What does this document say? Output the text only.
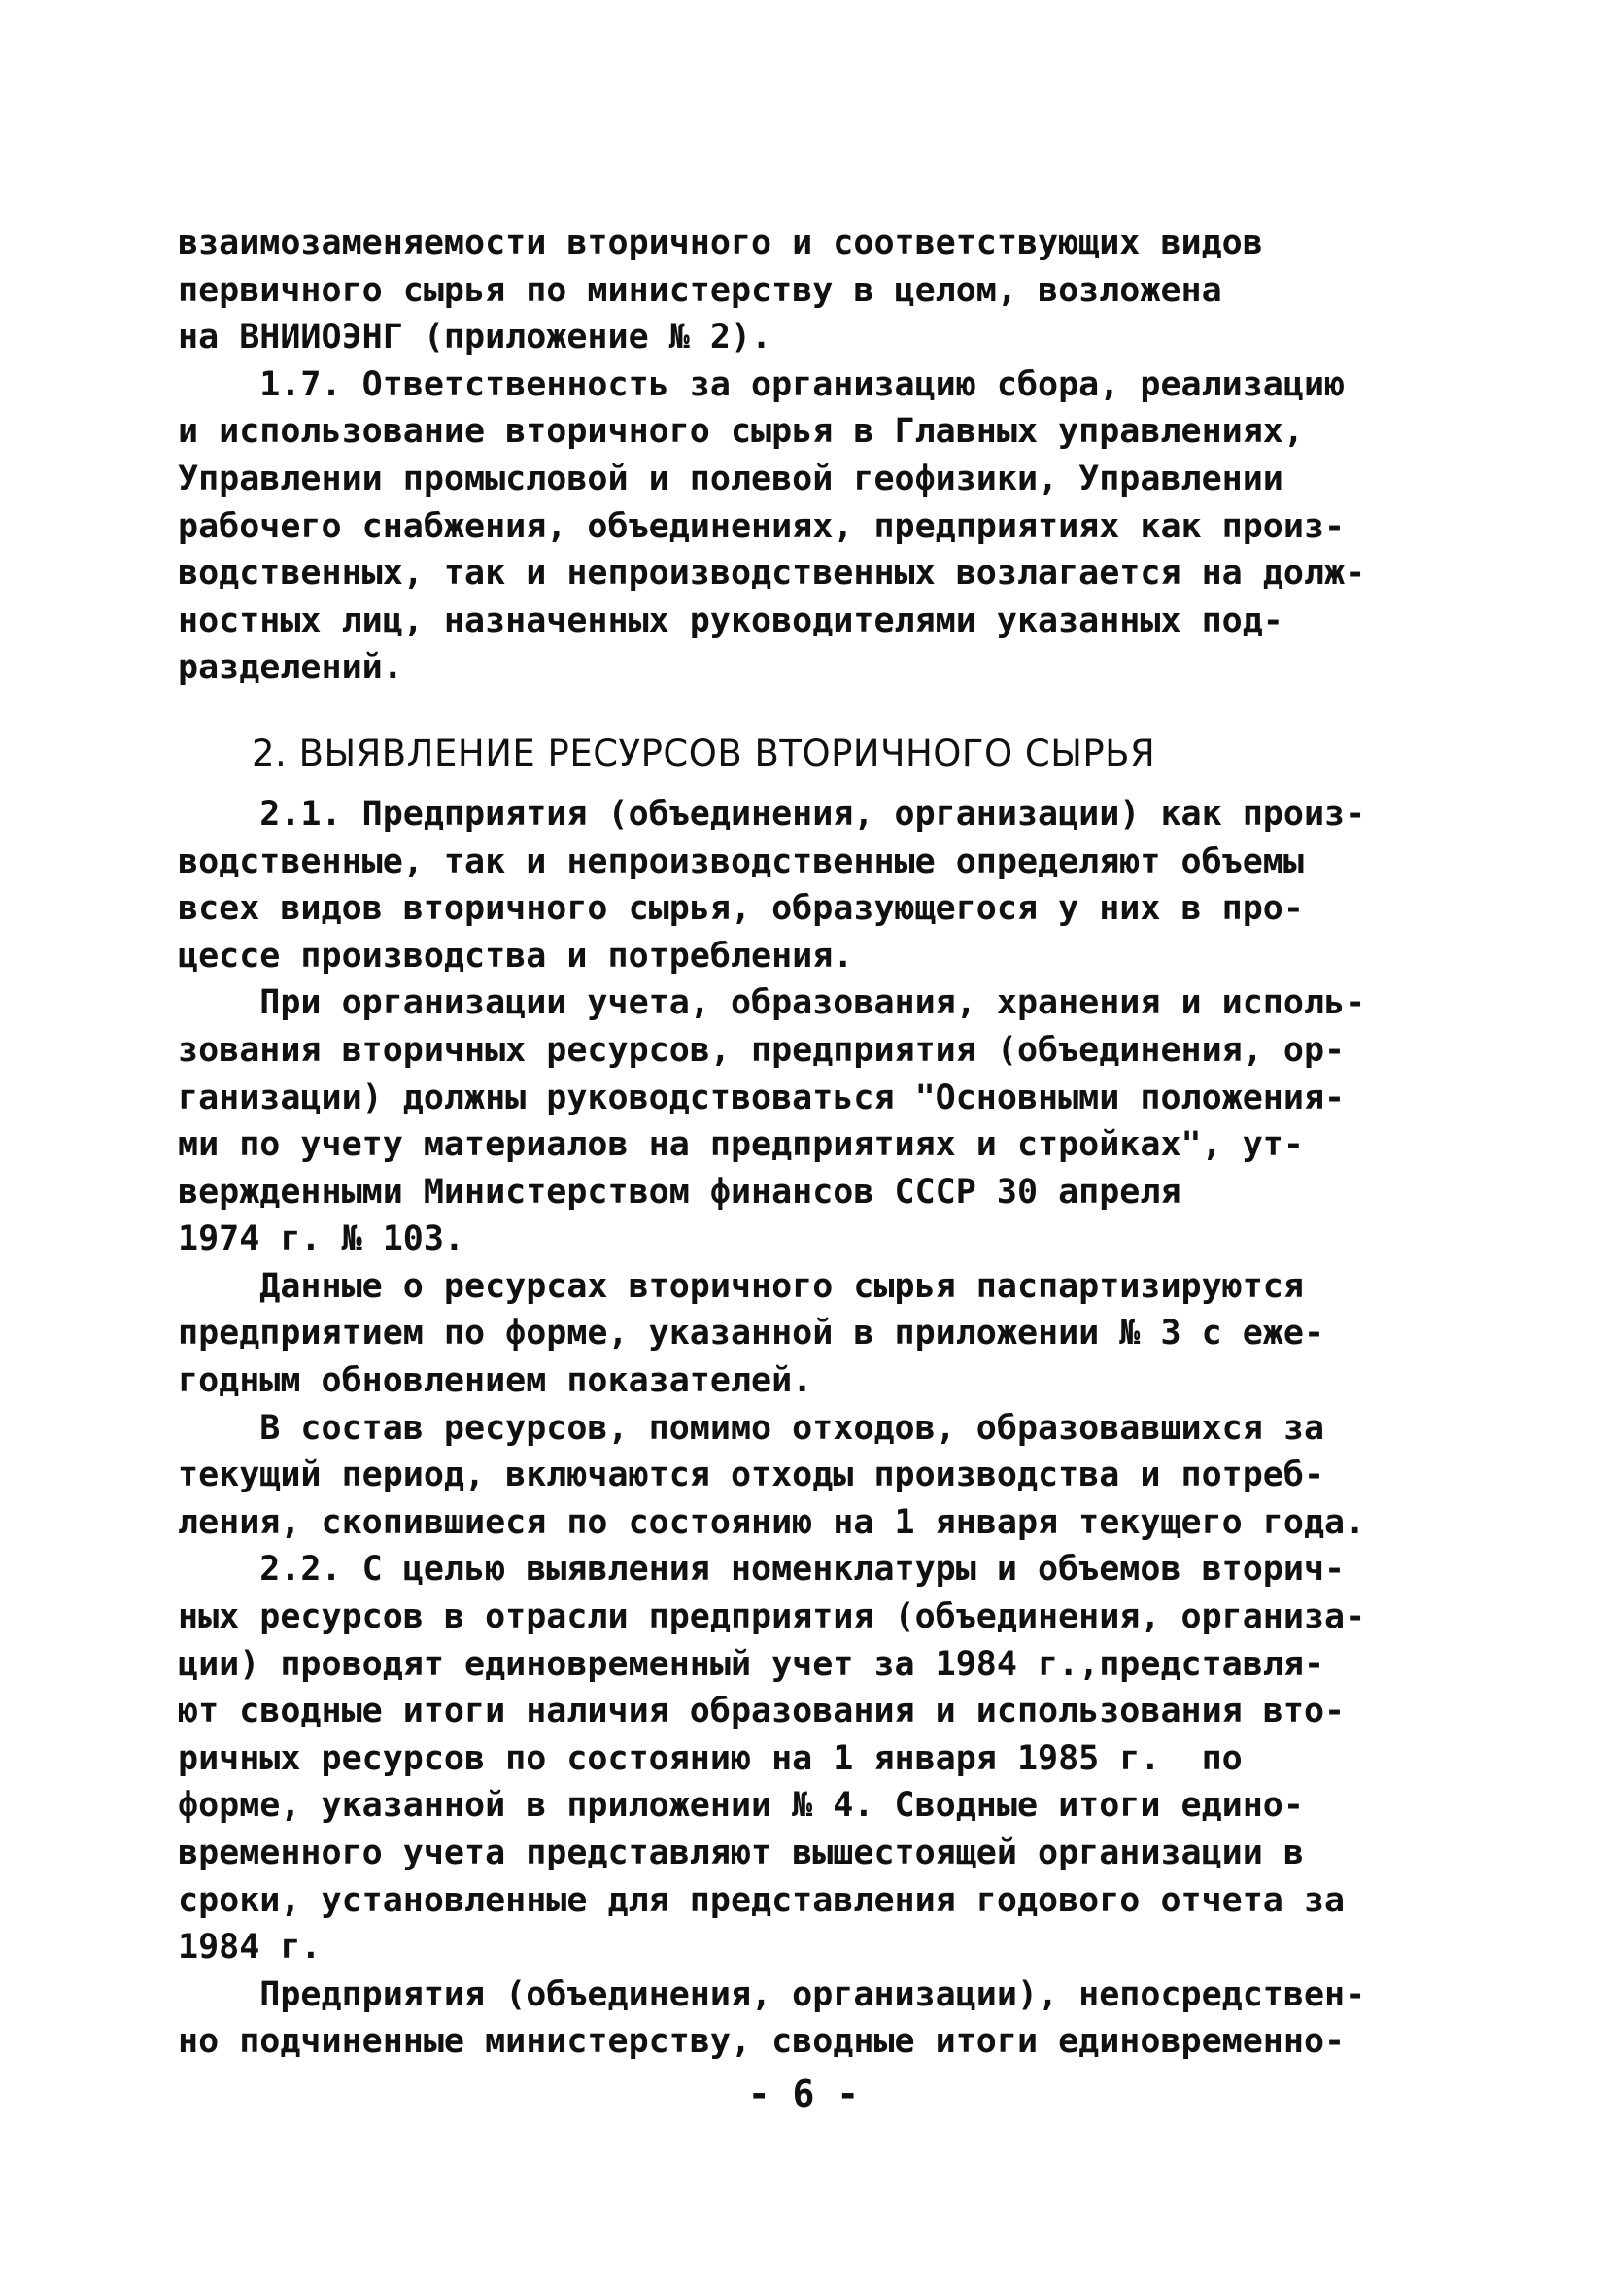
взаимозаменяемости вторичного и соответствующих видов
первичного сырья по министерству в целом, возложена
на ВНИИОЭНГ (приложение № 2).
1.7. Ответственность за организацию сбора, реализацию
и использование вторичного сырья в Главных управлениях,
Управлении промысловой и полевой геофизики, Управлении
рабочего снабжения, объединениях, предприятиях как произ-
водственных, так и непроизводственных возлагается на долж-
ностных лиц, назначенных руководителями указанных под-
разделений.
2. ВЫЯВЛЕНИЕ РЕСУРСОВ ВТОРИЧНОГО СЫРЬЯ
2.1. Предприятия (объединения, организации) как произ-
водственные, так и непроизводственные определяют объемы
всех видов вторичного сырья, образующегося у них в про-
цессе производства и потребления.
При организации учета, образования, хранения и исполь-
зования вторичных ресурсов, предприятия (объединения, ор-
ганизации) должны руководствоваться "Основными положения-
ми по учету материалов на предприятиях и стройках", ут-
вержденными Министерством финансов СССР 30 апреля
1974 г. № 103.
Данные о ресурсах вторичного сырья паспартизируются
предприятием по форме, указанной в приложении № 3 с еже-
годным обновлением показателей.
В состав ресурсов, помимо отходов, образовавшихся за
текущий период, включаются отходы производства и потреб-
ления, скопившиеся по состоянию на 1 января текущего года.
2.2. С целью выявления номенклатуры и объемов вторич-
ных ресурсов в отрасли предприятия (объединения, организа-
ции) проводят единовременный учет за 1984 г.,представля-
ют сводные итоги наличия образования и использования вто-
ричных ресурсов по состоянию на 1 января 1985 г.  по
форме, указанной в приложении № 4. Сводные итоги едино-
временного учета представляют вышестоящей организации в
сроки, установленные для представления годового отчета за
1984 г.
Предприятия (объединения, организации), непосредствен-
но подчиненные министерству, сводные итоги единовременно-
- 6 -
